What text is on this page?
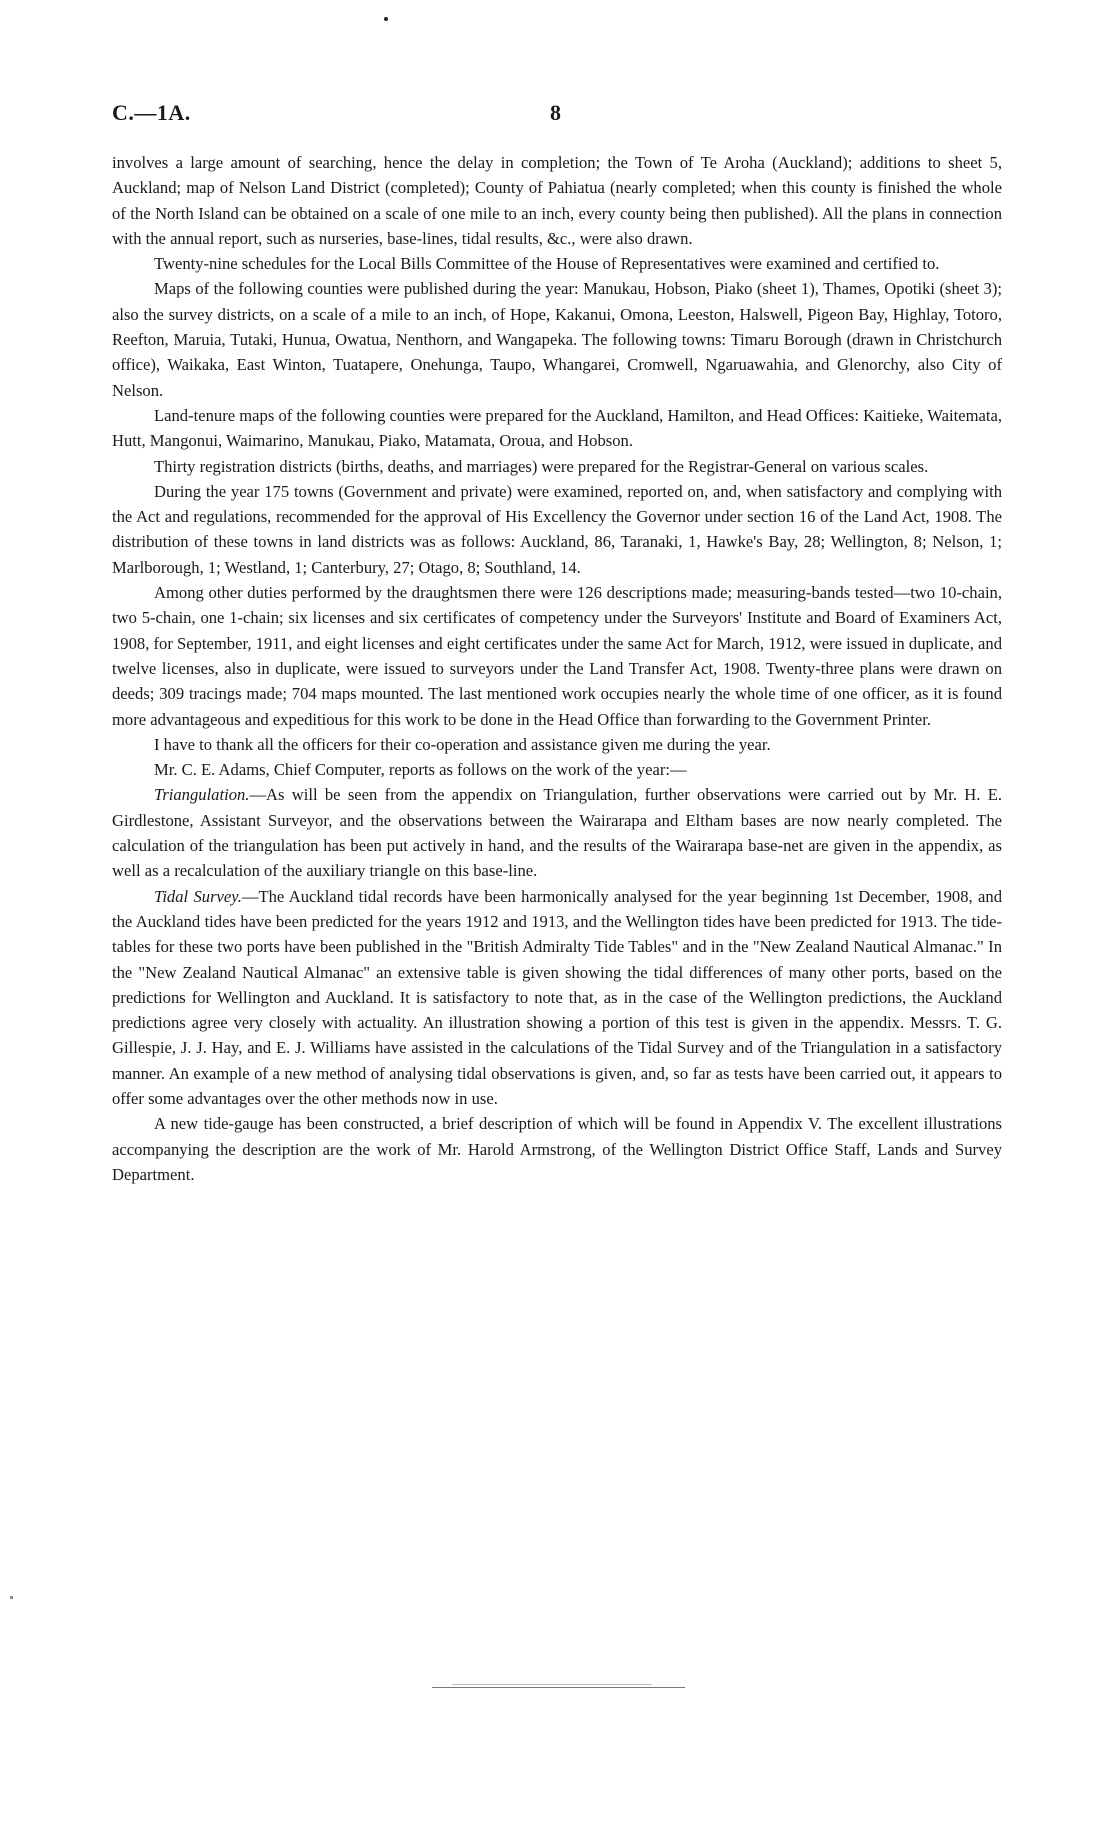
C.—1A.	8

involves a large amount of searching, hence the delay in completion; the Town of Te Aroha (Auckland); additions to sheet 5, Auckland; map of Nelson Land District (completed); County of Pahiatua (nearly completed; when this county is finished the whole of the North Island can be obtained on a scale of one mile to an inch, every county being then published). All the plans in connection with the annual report, such as nurseries, base-lines, tidal results, &c., were also drawn.

Twenty-nine schedules for the Local Bills Committee of the House of Representatives were examined and certified to.

Maps of the following counties were published during the year: Manukau, Hobson, Piako (sheet 1), Thames, Opotiki (sheet 3); also the survey districts, on a scale of a mile to an inch, of Hope, Kakanui, Omona, Leeston, Halswell, Pigeon Bay, Highlay, Totoro, Reefton, Maruia, Tutaki, Hunua, Owatua, Nenthorn, and Wangapeka. The following towns: Timaru Borough (drawn in Christchurch office), Waikaka, East Winton, Tuatapere, Onehunga, Taupo, Whangarei, Cromwell, Ngaruawahia, and Glenorchy, also City of Nelson.

Land-tenure maps of the following counties were prepared for the Auckland, Hamilton, and Head Offices: Kaitieke, Waitemata, Hutt, Mangonui, Waimarino, Manukau, Piako, Matamata, Oroua, and Hobson.

Thirty registration districts (births, deaths, and marriages) were prepared for the Registrar-General on various scales.

During the year 175 towns (Government and private) were examined, reported on, and, when satisfactory and complying with the Act and regulations, recommended for the approval of His Excellency the Governor under section 16 of the Land Act, 1908. The distribution of these towns in land districts was as follows: Auckland, 86, Taranaki, 1, Hawke's Bay, 28; Wellington, 8; Nelson, 1; Marlborough, 1; Westland, 1; Canterbury, 27; Otago, 8; Southland, 14.

Among other duties performed by the draughtsmen there were 126 descriptions made; measuring-bands tested—two 10-chain, two 5-chain, one 1-chain; six licenses and six certificates of competency under the Surveyors' Institute and Board of Examiners Act, 1908, for September, 1911, and eight licenses and eight certificates under the same Act for March, 1912, were issued in duplicate, and twelve licenses, also in duplicate, were issued to surveyors under the Land Transfer Act, 1908. Twenty-three plans were drawn on deeds; 309 tracings made; 704 maps mounted. The last mentioned work occupies nearly the whole time of one officer, as it is found more advantageous and expeditious for this work to be done in the Head Office than forwarding to the Government Printer.

I have to thank all the officers for their co-operation and assistance given me during the year.

Mr. C. E. Adams, Chief Computer, reports as follows on the work of the year:—

Triangulation.—As will be seen from the appendix on Triangulation, further observations were carried out by Mr. H. E. Girdlestone, Assistant Surveyor, and the observations between the Wairarapa and Eltham bases are now nearly completed. The calculation of the triangulation has been put actively in hand, and the results of the Wairarapa base-net are given in the appendix, as well as a recalculation of the auxiliary triangle on this base-line.

Tidal Survey.—The Auckland tidal records have been harmonically analysed for the year beginning 1st December, 1908, and the Auckland tides have been predicted for the years 1912 and 1913, and the Wellington tides have been predicted for 1913. The tide-tables for these two ports have been published in the "British Admiralty Tide Tables" and in the "New Zealand Nautical Almanac." In the "New Zealand Nautical Almanac" an extensive table is given showing the tidal differences of many other ports, based on the predictions for Wellington and Auckland. It is satisfactory to note that, as in the case of the Wellington predictions, the Auckland predictions agree very closely with actuality. An illustration showing a portion of this test is given in the appendix. Messrs. T. G. Gillespie, J. J. Hay, and E. J. Williams have assisted in the calculations of the Tidal Survey and of the Triangulation in a satisfactory manner. An example of a new method of analysing tidal observations is given, and, so far as tests have been carried out, it appears to offer some advantages over the other methods now in use.

A new tide-gauge has been constructed, a brief description of which will be found in Appendix V. The excellent illustrations accompanying the description are the work of Mr. Harold Armstrong, of the Wellington District Office Staff, Lands and Survey Department.
